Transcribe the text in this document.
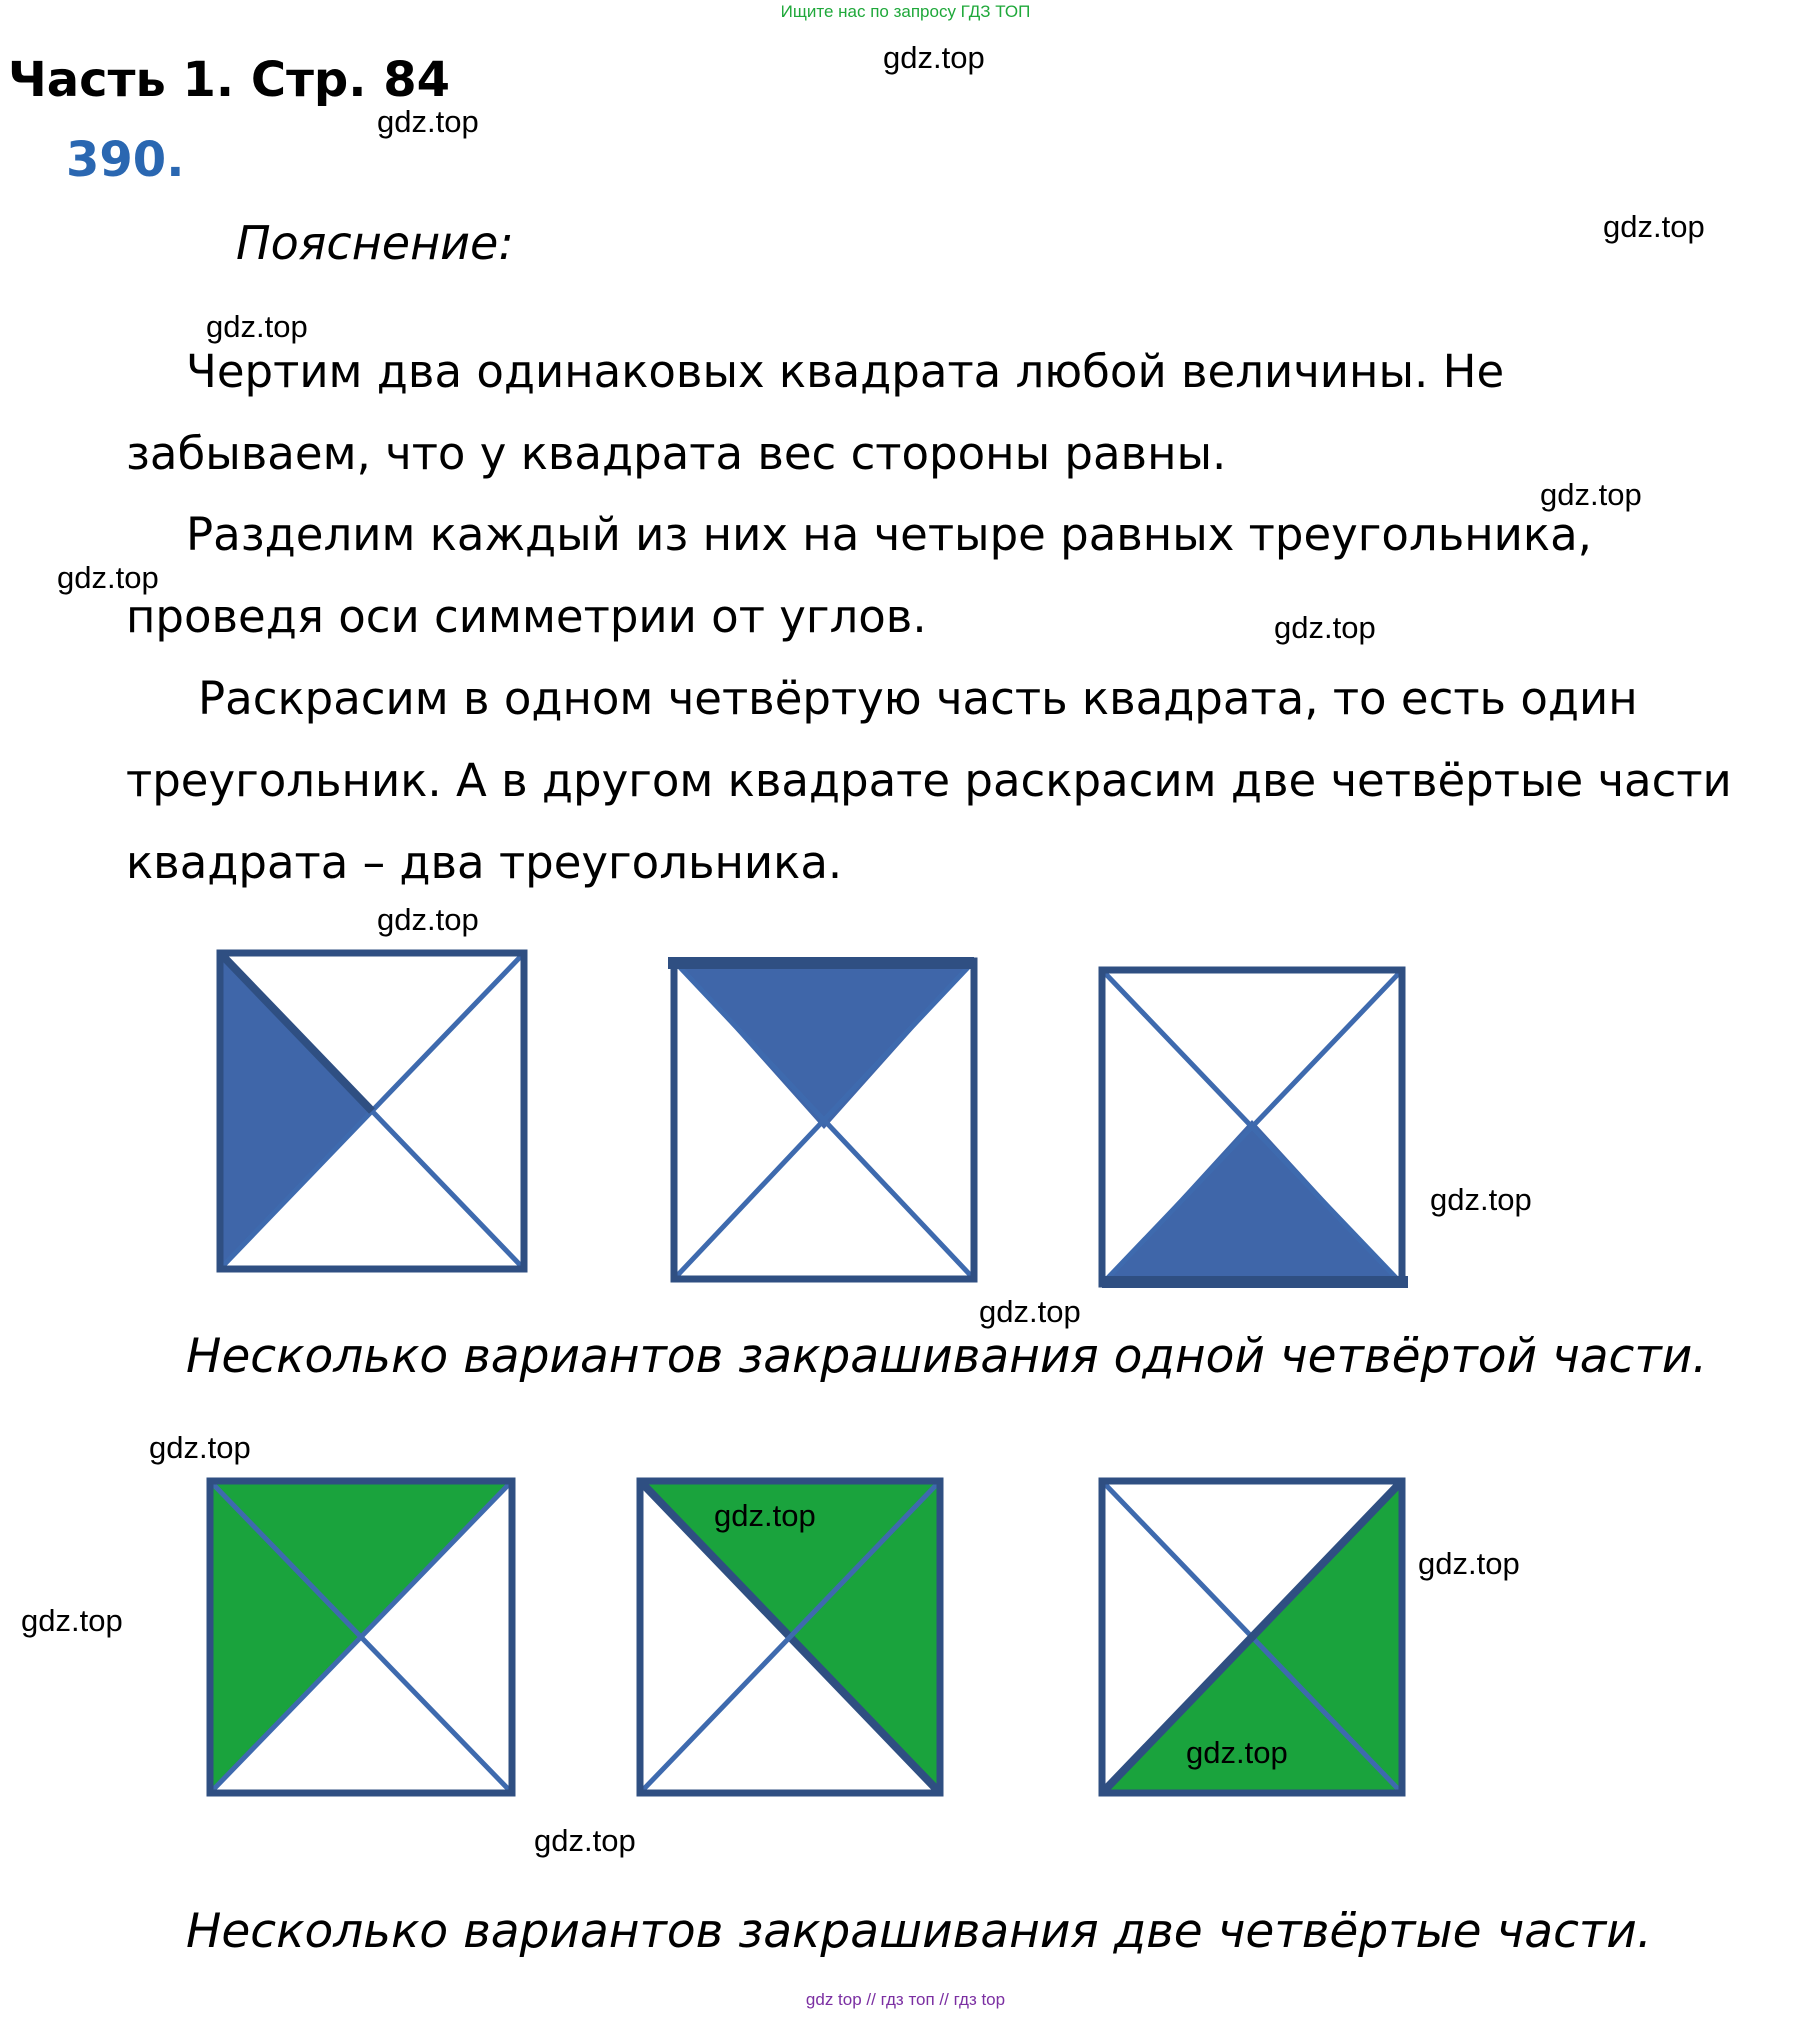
Ищите нас по запросу ГДЗ ТОП
Часть 1. Стр. 84
390.
Пояснение:
Чертим два одинаковых квадрата любой величины. Не
забываем, что у квадрата вес стороны равны.
Разделим каждый из них на четыре равных треугольника,
проведя оси симметрии от углов.
Раскрасим в одном четвёртую часть квадрата, то есть один
треугольник. А в другом квадрате раскрасим две четвёртые части
квадрата – два треугольника.
Несколько вариантов закрашивания одной четвёртой части.
Несколько вариантов закрашивания две четвёртые части.
gdz.top
gdz.top
gdz.top
gdz.top
gdz.top
gdz.top
gdz.top
gdz.top
gdz.top
gdz.top
gdz.top
gdz.top
gdz.top
gdz.top
gdz.top
gdz.top
gdz top // гдз топ // гдз top
